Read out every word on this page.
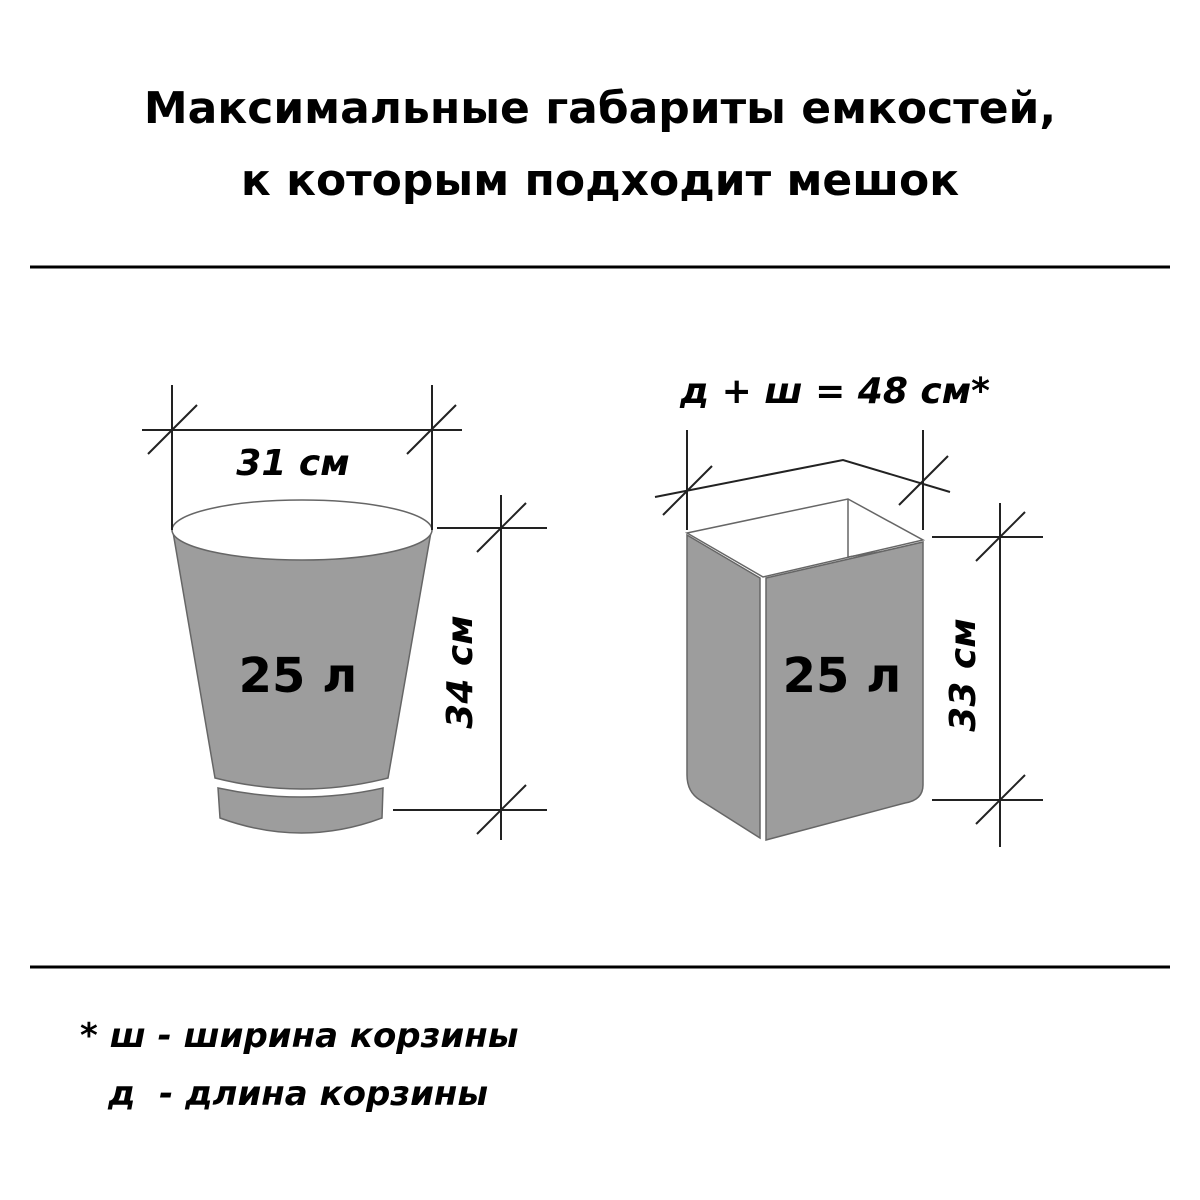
Максимальные габариты емкостей,
к которым подходит мешок
31 см
34 см
25 л
д + ш = 48 см*
33 см
25 л
* ш - ширина корзины
д  - длина корзины
